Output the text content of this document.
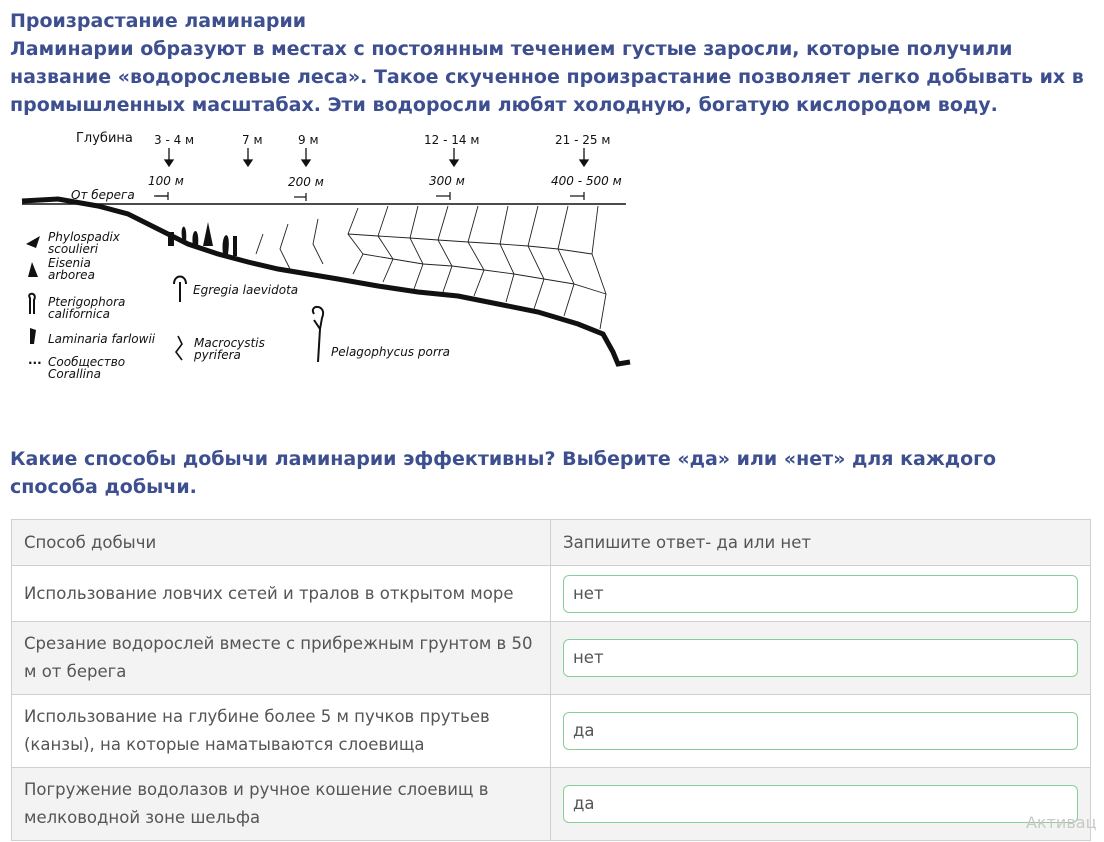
Произрастание ламинарии
Ламинарии образуют в местах с постоянным течением густые заросли, которые получили название «водорослевые леса». Такое скученное произрастание позволяет легко добывать их в промышленных масштабах. Эти водоросли любят холодную, богатую кислородом воду.
Глубина 3 - 4 м	7 м	9 м	12 - 14 м	21 - 25 м
100 м	200 м	300 м	400 - 500 м
От берега
Phylospadix
scoulieri
Eisenia
arborea
Pterigophora
californica
Laminaria farlowii
... Сообщество
Corallina
Egregia laevidota
Macrocystis
pyrifera	Pelagophycus porra
Какие способы добычи ламинарии эффективны? Выберите «да» или «нет» для каждого способа добычи.
Способ добычи	Запишите ответ- да или нет
Использование ловчих сетей и тралов в открытом море	нет

Срезание водорослей вместе с прибрежным грунтом в 50 м от берега	нет

Использование на глубине более 5 м пучков прутьев (канзы), на которые наматываются слоевища	да

Погружение водолазов и ручное кошение слоевищ в мелководной зоне шельфа	да
Активац
